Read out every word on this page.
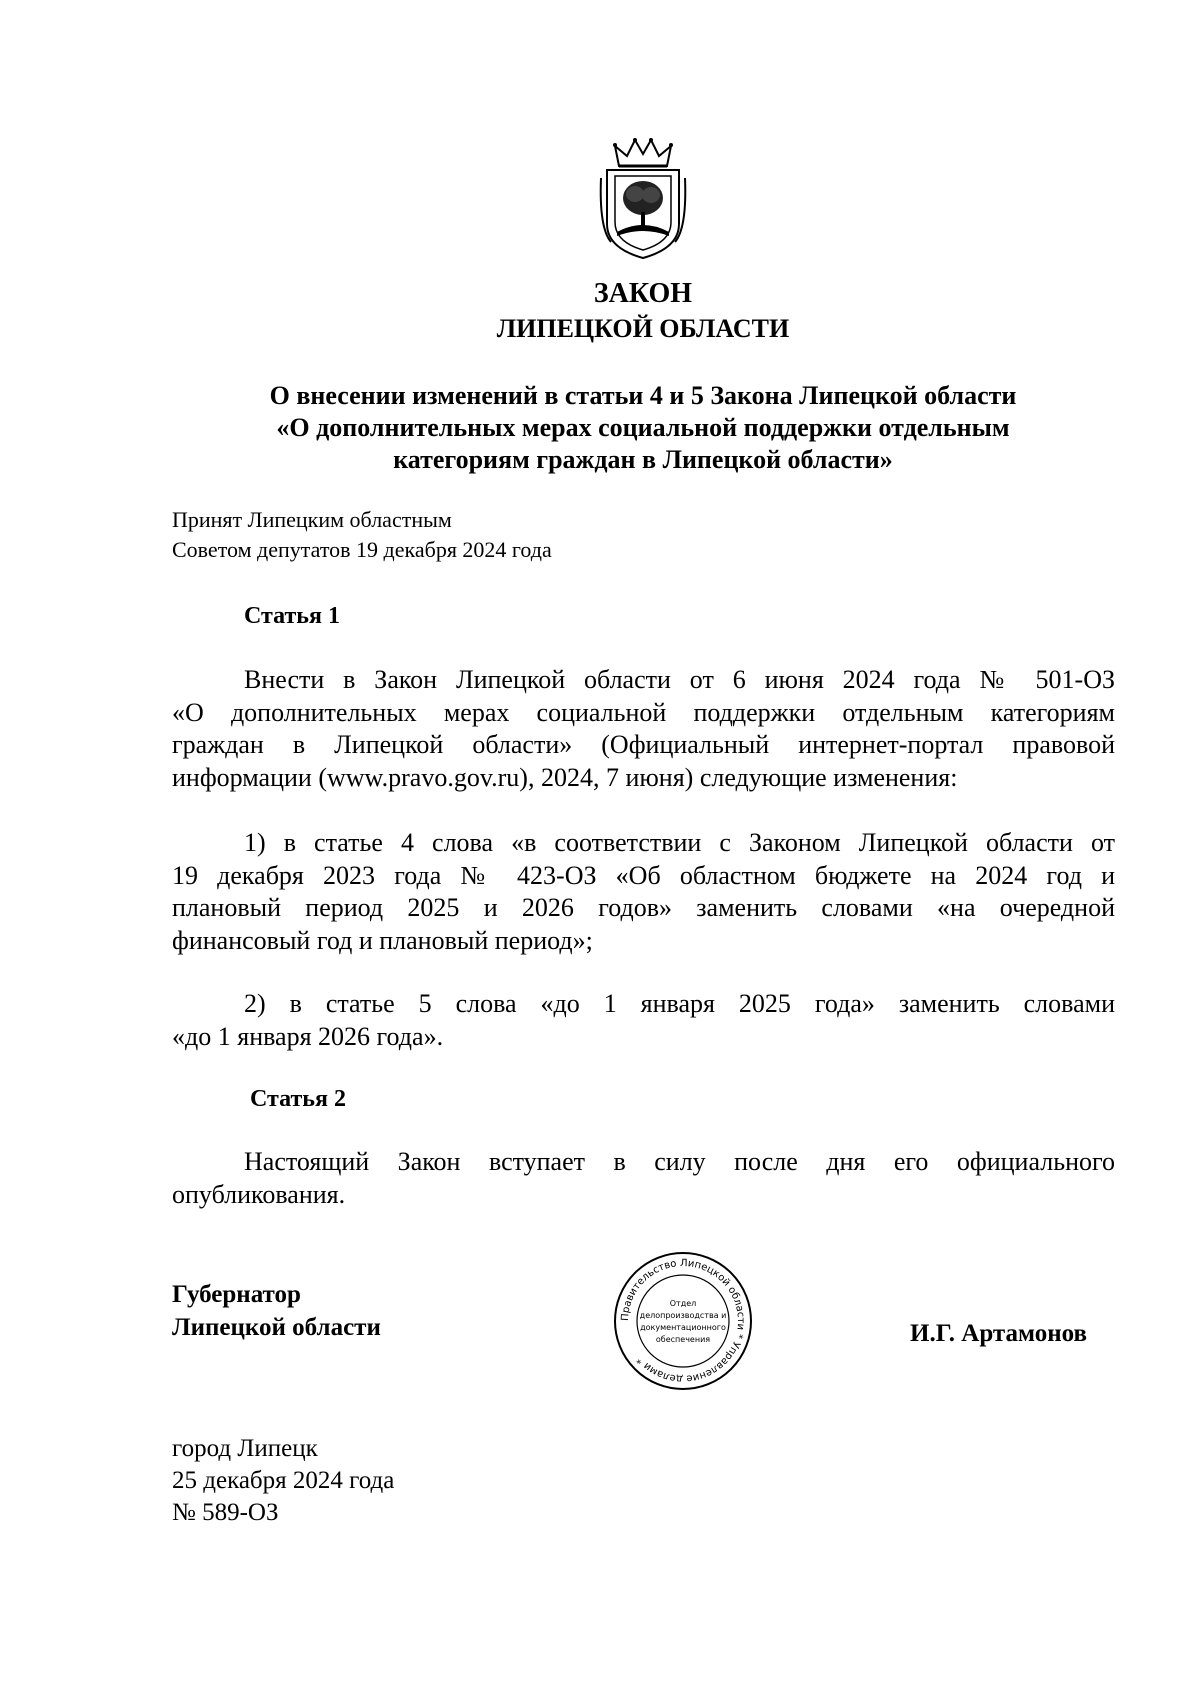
ЗАКОН
ЛИПЕЦКОЙ ОБЛАСТИ
О внесении изменений в статьи 4 и 5 Закона Липецкой области
«О дополнительных мерах социальной поддержки отдельным
категориям граждан в Липецкой области»
Принят Липецким областным
Советом депутатов 19 декабря 2024 года
Статья 1
Внести в Закон Липецкой области от 6 июня 2024 года № 501-ОЗ
«О дополнительных мерах социальной поддержки отдельным категориям
граждан в Липецкой области» (Официальный интернет-портал правовой
информации (www.pravo.gov.ru), 2024, 7 июня) следующие изменения:
1) в статье 4 слова «в соответствии с Законом Липецкой области от
19 декабря 2023 года № 423-ОЗ «Об областном бюджете на 2024 год и
плановый период 2025 и 2026 годов» заменить словами «на очередной
финансовый год и плановый период»;
2) в статье 5 слова «до 1 января 2025 года» заменить словами
«до 1 января 2026 года».
Статья 2
Настоящий Закон вступает в силу после дня его официального
опубликования.
Губернатор
Липецкой области	Правительство Липецкой области * Управление делами *
Отдел
делопроизводства и
документационного
обеспечения	И.Г. Артамонов
город Липецк
25 декабря 2024 года
№ 589-ОЗ
